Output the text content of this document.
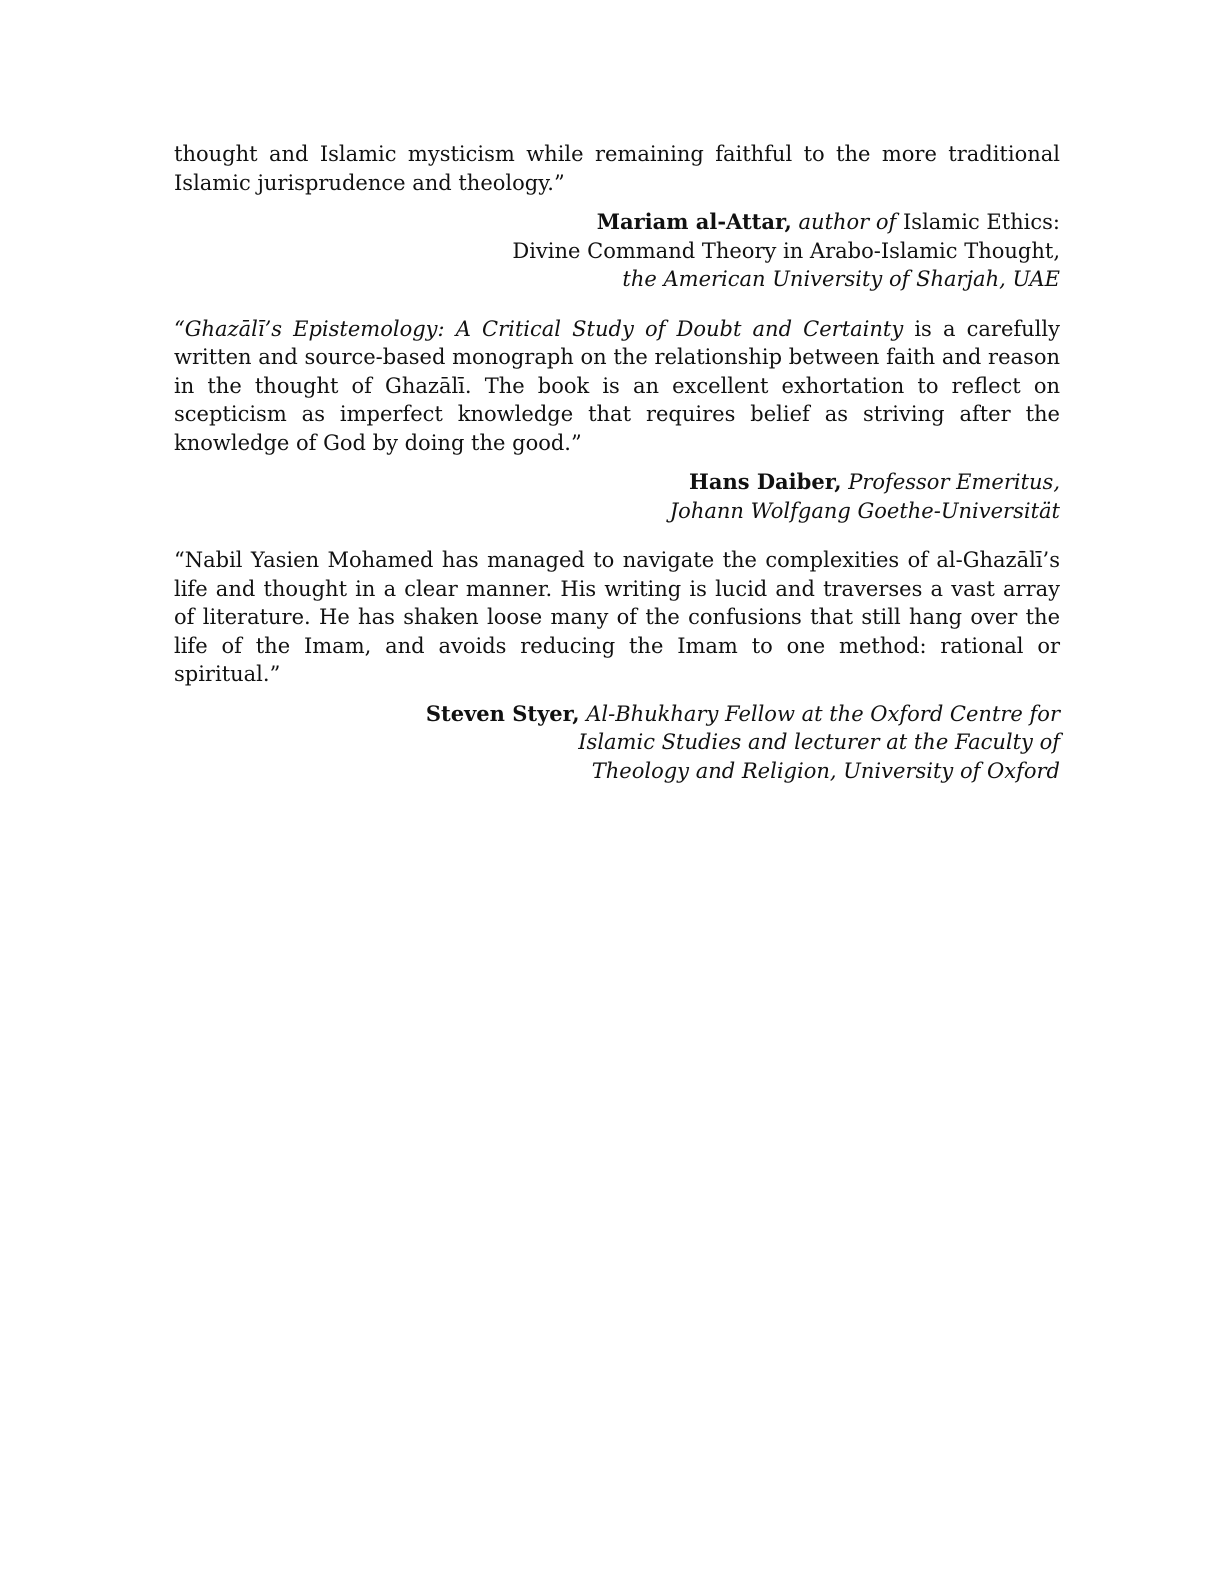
thought and Islamic mysticism while remaining faithful to the more traditional Islamic jurisprudence and theology.”

Mariam al-Attar, author of Islamic Ethics:
Divine Command Theory in Arabo-Islamic Thought,
the American University of Sharjah, UAE

“Ghazālī’s Epistemology: A Critical Study of Doubt and Certainty is a carefully written and source-based monograph on the relationship between faith and reason in the thought of Ghazālī. The book is an excellent exhortation to reflect on scepticism as imperfect knowledge that requires belief as striving after the knowledge of God by doing the good.”

Hans Daiber, Professor Emeritus,
Johann Wolfgang Goethe-Universität

“Nabil Yasien Mohamed has managed to navigate the complexities of al-Ghazālī’s life and thought in a clear manner. His writing is lucid and traverses a vast array of literature. He has shaken loose many of the confusions that still hang over the life of the Imam, and avoids reducing the Imam to one method: rational or spiritual.”

Steven Styer, Al-Bhukhary Fellow at the Oxford Centre for
Islamic Studies and lecturer at the Faculty of
Theology and Religion, University of Oxford
